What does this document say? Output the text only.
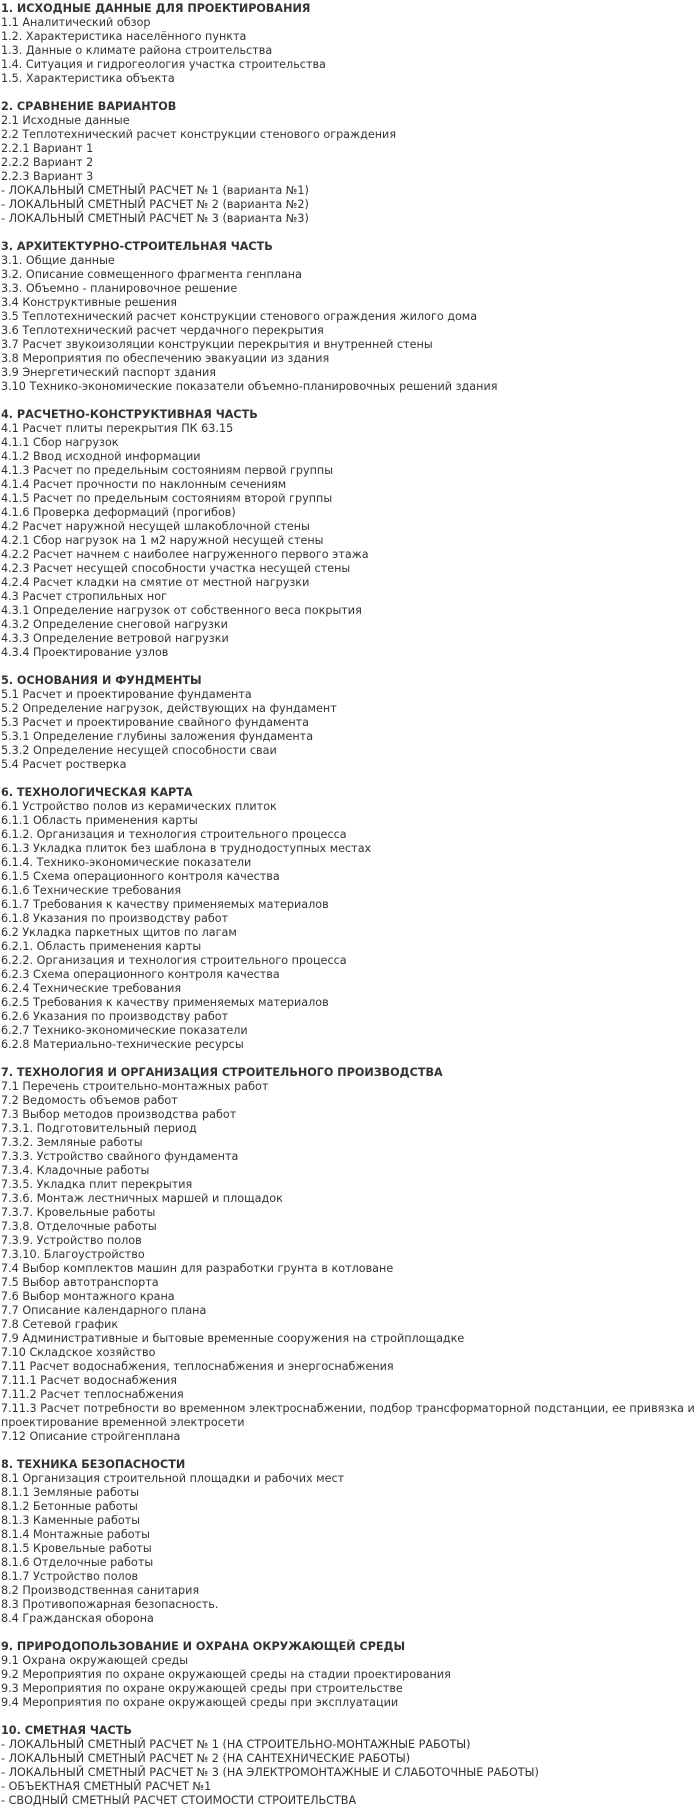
1. ИСХОДНЫЕ ДАННЫЕ ДЛЯ ПРОЕКТИРОВАНИЯ
1.1 Аналитический обзор
1.2. Характеристика населённого пункта
1.3. Данные о климате района строительства
1.4. Ситуация и гидрогеология участка строительства
1.5. Характеристика объекта
2. СРАВНЕНИЕ ВАРИАНТОВ
2.1 Исходные данные
2.2 Теплотехнический расчет конструкции стенового ограждения
2.2.1 Вариант 1
2.2.2 Вариант 2
2.2.3 Вариант 3
- ЛОКАЛЬНЫЙ СМЕТНЫЙ РАСЧЕТ № 1 (варианта №1)
- ЛОКАЛЬНЫЙ СМЕТНЫЙ РАСЧЕТ № 2 (варианта №2)
- ЛОКАЛЬНЫЙ СМЕТНЫЙ РАСЧЕТ № 3 (варианта №3)
3. АРХИТЕКТУРНО-СТРОИТЕЛЬНАЯ ЧАСТЬ
3.1. Общие данные
3.2. Описание совмещенного фрагмента генплана
3.3. Объемно - планировочное решение
3.4 Конструктивные решения
3.5 Теплотехнический расчет конструкции стенового ограждения жилого дома
3.6 Теплотехнический расчет чердачного перекрытия
3.7 Расчет звукоизоляции конструкции перекрытия и внутренней стены
3.8 Мероприятия по обеспечению эвакуации из здания
3.9 Энергетический паспорт здания
3.10 Технико-экономические показатели объемно-планировочных решений здания
4. РАСЧЕТНО-КОНСТРУКТИВНАЯ ЧАСТЬ
4.1 Расчет плиты перекрытия ПК 63.15
4.1.1 Сбор нагрузок
4.1.2 Ввод исходной информации
4.1.3 Расчет по предельным состояниям первой группы
4.1.4 Расчет прочности по наклонным сечениям
4.1.5 Расчет по предельным состояниям второй группы
4.1.6 Проверка деформаций (прогибов)
4.2 Расчет наружной несущей шлакоблочной стены
4.2.1 Сбор нагрузок на 1 м2 наружной несущей стены
4.2.2 Расчет начнем с наиболее нагруженного первого этажа
4.2.3 Расчет несущей способности участка несущей стены
4.2.4 Расчет кладки на смятие от местной нагрузки
4.3 Расчет стропильных ног
4.3.1 Определение нагрузок от собственного веса покрытия
4.3.2 Определение снеговой нагрузки
4.3.3 Определение ветровой нагрузки
4.3.4 Проектирование узлов
5. ОСНОВАНИЯ И ФУНДМЕНТЫ
5.1 Расчет и проектирование фундамента
5.2 Определение нагрузок, действующих на фундамент
5.3 Расчет и проектирование свайного фундамента
5.3.1 Определение глубины заложения фундамента
5.3.2 Определение несущей способности сваи
5.4 Расчет ростверка
6. ТЕХНОЛОГИЧЕСКАЯ КАРТА
6.1 Устройство полов из керамических плиток
6.1.1 Область применения карты
6.1.2. Организация и технология строительного процесса
6.1.3 Укладка плиток без шаблона в труднодоступных местах
6.1.4. Технико-экономические показатели
6.1.5 Схема операционного контроля качества
6.1.6 Технические требования
6.1.7 Требования к качеству применяемых материалов
6.1.8 Указания по производству работ
6.2 Укладка паркетных щитов по лагам
6.2.1. Область применения карты
6.2.2. Организация и технология строительного процесса
6.2.3 Схема операционного контроля качества
6.2.4 Технические требования
6.2.5 Требования к качеству применяемых материалов
6.2.6 Указания по производству работ
6.2.7 Технико-экономические показатели
6.2.8 Материально-технические ресурсы
7. ТЕХНОЛОГИЯ И ОРГАНИЗАЦИЯ СТРОИТЕЛЬНОГО ПРОИЗВОДСТВА
7.1 Перечень строительно-монтажных работ
7.2 Ведомость объемов работ
7.3 Выбор методов производства работ
7.3.1. Подготовительный период
7.3.2. Земляные работы
7.3.3. Устройство свайного фундамента
7.3.4. Кладочные работы
7.3.5. Укладка плит перекрытия
7.3.6. Монтаж лестничных маршей и площадок
7.3.7. Кровельные работы
7.3.8. Отделочные работы
7.3.9. Устройство полов
7.3.10. Благоустройство
7.4 Выбор комплектов машин для разработки грунта в котловане
7.5 Выбор автотранспорта
7.6 Выбор монтажного крана
7.7 Описание календарного плана
7.8 Сетевой график
7.9 Административные и бытовые временные сооружения на стройплощадке
7.10 Складское хозяйство
7.11 Расчет водоснабжения, теплоснабжения и энергоснабжения
7.11.1 Расчет водоснабжения
7.11.2 Расчет теплоснабжения
7.11.3 Расчет потребности во временном электроснабжении, подбор трансформаторной подстанции, ее привязка и проектирование временной электросети
7.12 Описание стройгенплана
8. ТЕХНИКА БЕЗОПАСНОСТИ
8.1 Организация строительной площадки и рабочих мест
8.1.1 Земляные работы
8.1.2 Бетонные работы
8.1.3 Каменные работы
8.1.4 Монтажные работы
8.1.5 Кровельные работы
8.1.6 Отделочные работы
8.1.7 Устройство полов
8.2 Производственная санитария
8.3 Противопожарная безопасность.
8.4 Гражданская оборона
9. ПРИРОДОПОЛЬЗОВАНИЕ И ОХРАНА ОКРУЖАЮЩЕЙ СРЕДЫ
9.1 Охрана окружающей среды
9.2 Мероприятия по охране окружающей среды на стадии проектирования
9.3 Мероприятия по охране окружающей среды при строительстве
9.4 Мероприятия по охране окружающей среды при эксплуатации
10. СМЕТНАЯ ЧАСТЬ
- ЛОКАЛЬНЫЙ СМЕТНЫЙ РАСЧЕТ № 1 (НА СТРОИТЕЛЬНО-МОНТАЖНЫЕ РАБОТЫ)
- ЛОКАЛЬНЫЙ СМЕТНЫЙ РАСЧЕТ № 2 (НА САНТЕХНИЧЕСКИЕ РАБОТЫ)
- ЛОКАЛЬНЫЙ СМЕТНЫЙ РАСЧЕТ № 3 (НА ЭЛЕКТРОМОНТАЖНЫЕ И СЛАБОТОЧНЫЕ РАБОТЫ)
- ОБЪЕКТНАЯ СМЕТНЫЙ РАСЧЕТ №1
- СВОДНЫЙ СМЕТНЫЙ РАСЧЕТ СТОИМОСТИ СТРОИТЕЛЬСТВА
